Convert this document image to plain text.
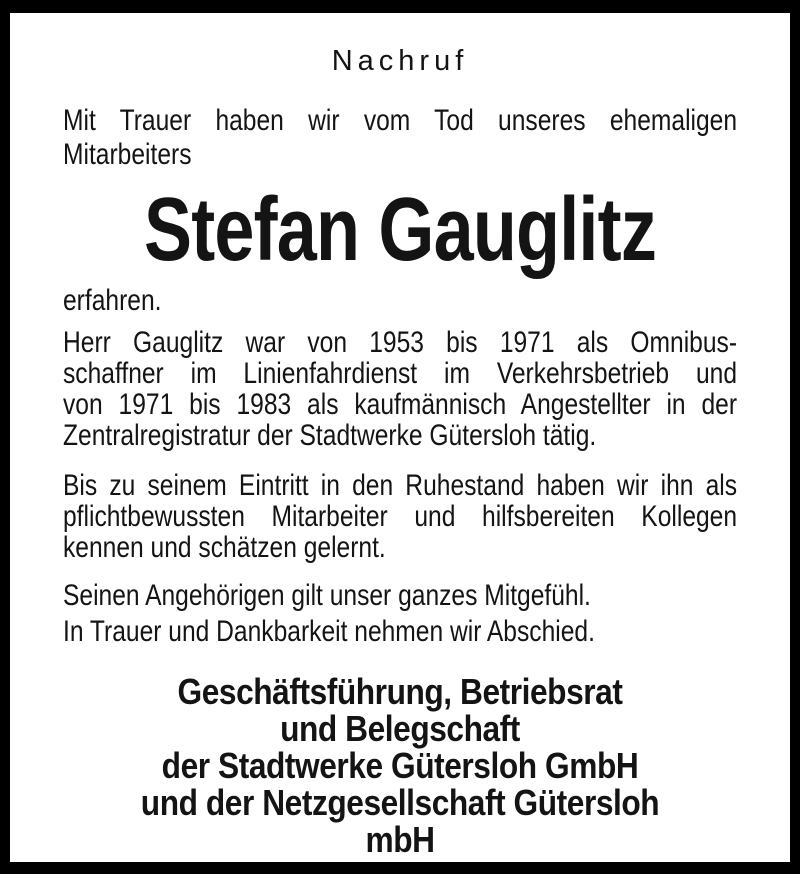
Nachruf
Mit Trauer haben wir vom Tod unseres ehemaligen
Mitarbeiters
Stefan Gauglitz
erfahren.
Herr Gauglitz war von 1953 bis 1971 als Omnibus-
schaffner im Linienfahrdienst im Verkehrsbetrieb und
von 1971 bis 1983 als kaufmännisch Angestellter in der
Zentralregistratur der Stadtwerke Gütersloh tätig.
Bis zu seinem Eintritt in den Ruhestand haben wir ihn als
pflichtbewussten Mitarbeiter und hilfsbereiten Kollegen
kennen und schätzen gelernt.
Seinen Angehörigen gilt unser ganzes Mitgefühl.
In Trauer und Dankbarkeit nehmen wir Abschied.
Geschäftsführung, Betriebsrat
und Belegschaft
der Stadtwerke Gütersloh GmbH
und der Netzgesellschaft Gütersloh mbH
